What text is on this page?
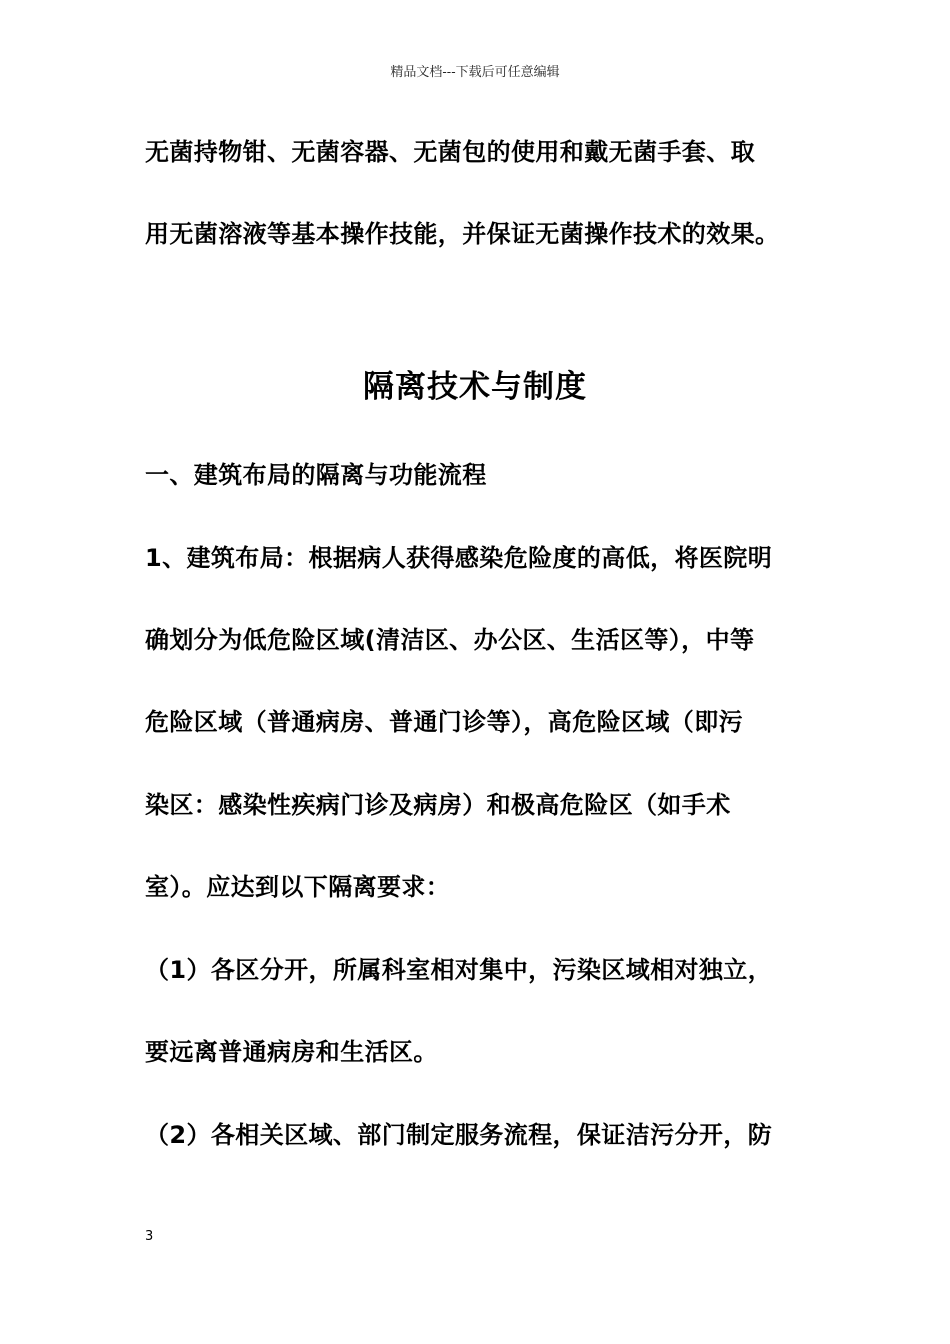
精品文档---下载后可任意编辑
无菌持物钳、无菌容器、无菌包的使用和戴无菌手套、取
用无菌溶液等基本操作技能，并保证无菌操作技术的效果。
隔离技术与制度
一、建筑布局的隔离与功能流程
1、建筑布局：根据病人获得感染危险度的高低，将医院明
确划分为低危险区域(清洁区、办公区、生活区等），中等
危险区域（普通病房、普通门诊等），高危险区域（即污
染区：感染性疾病门诊及病房）和极高危险区（如手术
室）。应达到以下隔离要求：
（1）各区分开，所属科室相对集中，污染区域相对独立，
要远离普通病房和生活区。
（2）各相关区域、部门制定服务流程，保证洁污分开，防
3
